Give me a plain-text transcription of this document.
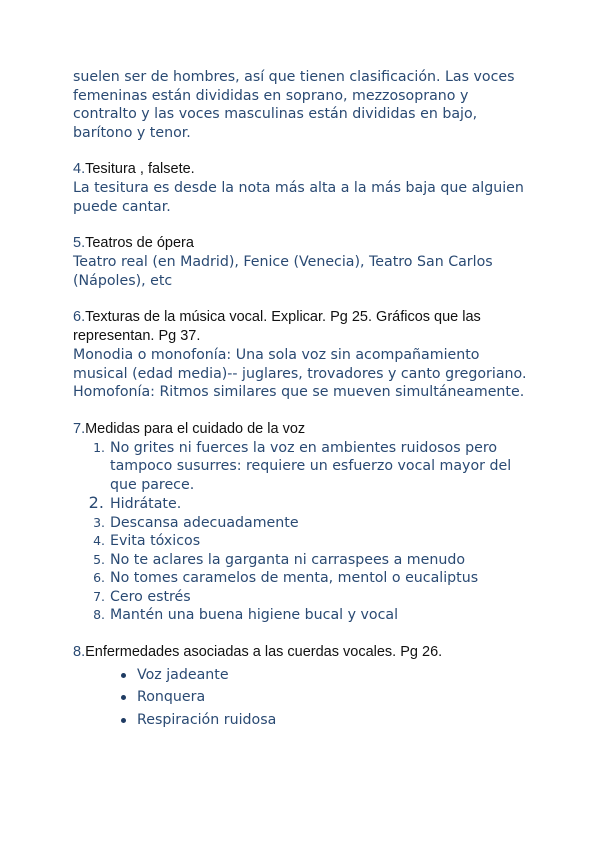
suelen ser de hombres, así que tienen clasificación. Las voces femeninas están divididas en soprano, mezzosoprano y contralto y las voces masculinas están divididas en bajo, barítono y tenor.

4.Tesitura , falsete.

La tesitura es desde la nota más alta a la más baja que alguien puede cantar.

5.Teatros de ópera

Teatro real (en Madrid), Fenice (Venecia), Teatro San Carlos (Nápoles), etc

6.Texturas de la música vocal. Explicar. Pg 25. Gráficos que las representan. Pg 37.

Monodia o monofonía: Una sola voz sin acompañamiento musical (edad media)-- juglares, trovadores y canto gregoriano.

Homofonía: Ritmos similares que se mueven simultáneamente.

7.Medidas para el cuidado de la voz

1. No grites ni fuerces la voz en ambientes ruidosos pero tampoco susurres: requiere un esfuerzo vocal mayor del que parece.
2. Hidrátate.
3. Descansa adecuadamente
4. Evita tóxicos
5. No te aclares la garganta ni carraspees a menudo
6. No tomes caramelos de menta, mentol o eucaliptus
7. Cero estrés
8. Mantén una buena higiene bucal y vocal

8.Enfermedades asociadas a las cuerdas vocales. Pg 26.

Voz jadeante
Ronquera
Respiración ruidosa
